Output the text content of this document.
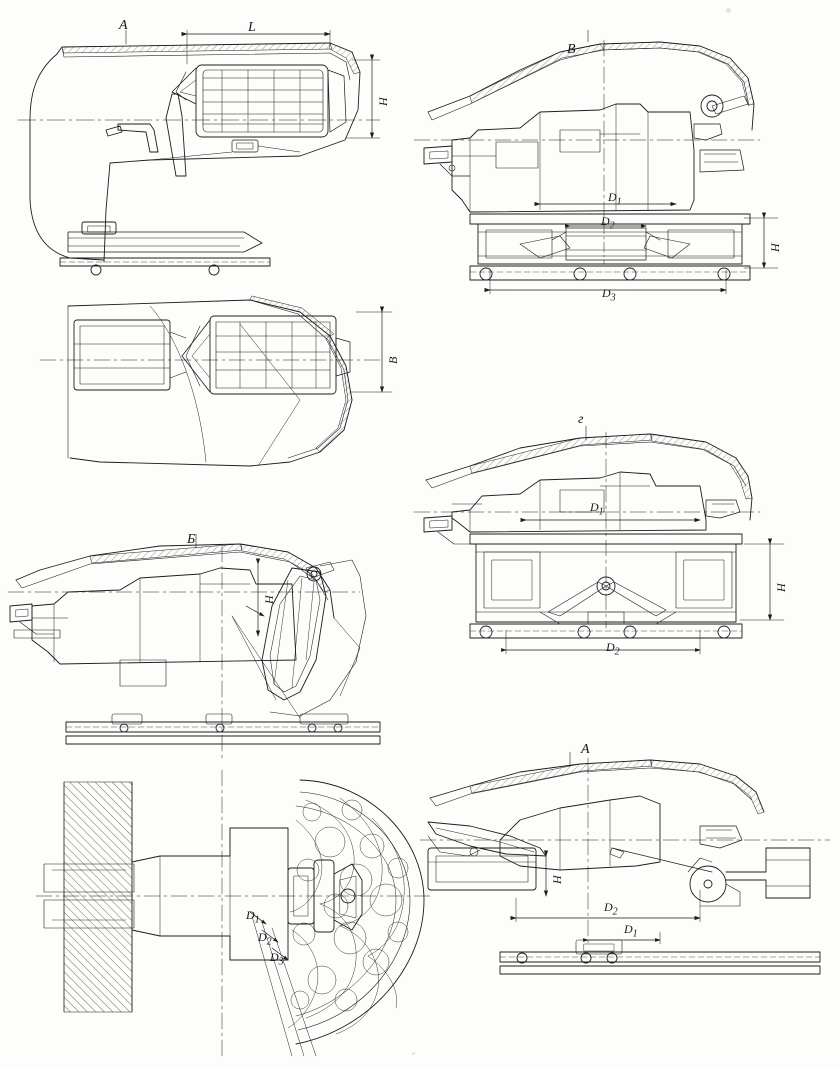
А	L
H
В
$D_1$
$D_2$
$D_3$
H
B
г
$D_1$
$D_2$
H
Б
H
$D_1$
$D_2$
$D_3$
А
H
$D_2$
$D_1$
